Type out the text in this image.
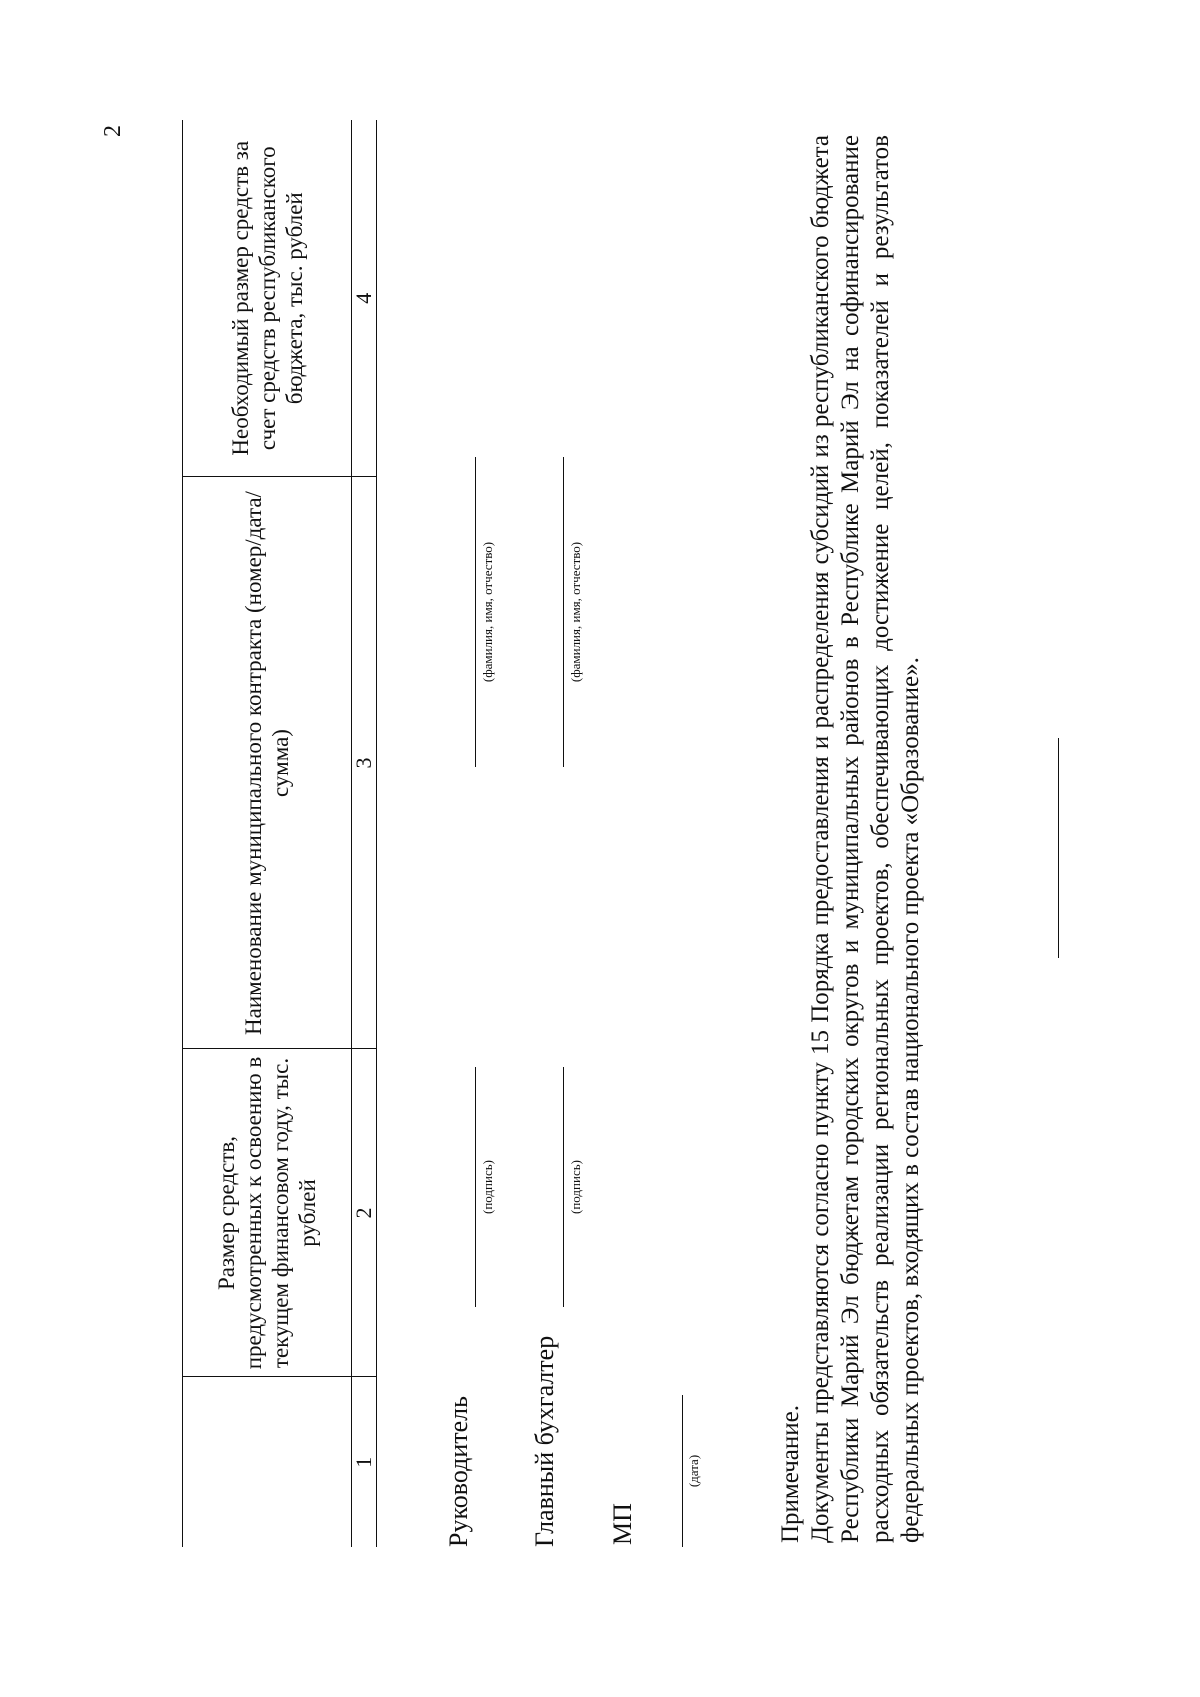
2
	Размер средств, предусмотренных к освоению в текущем финансовом году, тыс. рублей	Наименование муниципального контракта (номер/дата/сумма)	Необходимый размер средств за счет средств республиканского бюджета, тыс. рублей
1	2	3	4
Руководитель
(подпись)
(фамилия, имя, отчество)
Главный бухгалтер
(подпись)
(фамилия, имя, отчество)
МП
(дата)	Примечание. Документы представляются согласно пункту 15 Порядка предоставления и распределения субсидий из республиканского бюджета Республики Марий Эл бюджетам городских округов и муниципальных районов в Республике Марий Эл на софинансирование расходных обязательств реализации региональных проектов, обеспечивающих достижение целей, показателей и результатов федеральных проектов, входящих в состав национального проекта «Образование».
